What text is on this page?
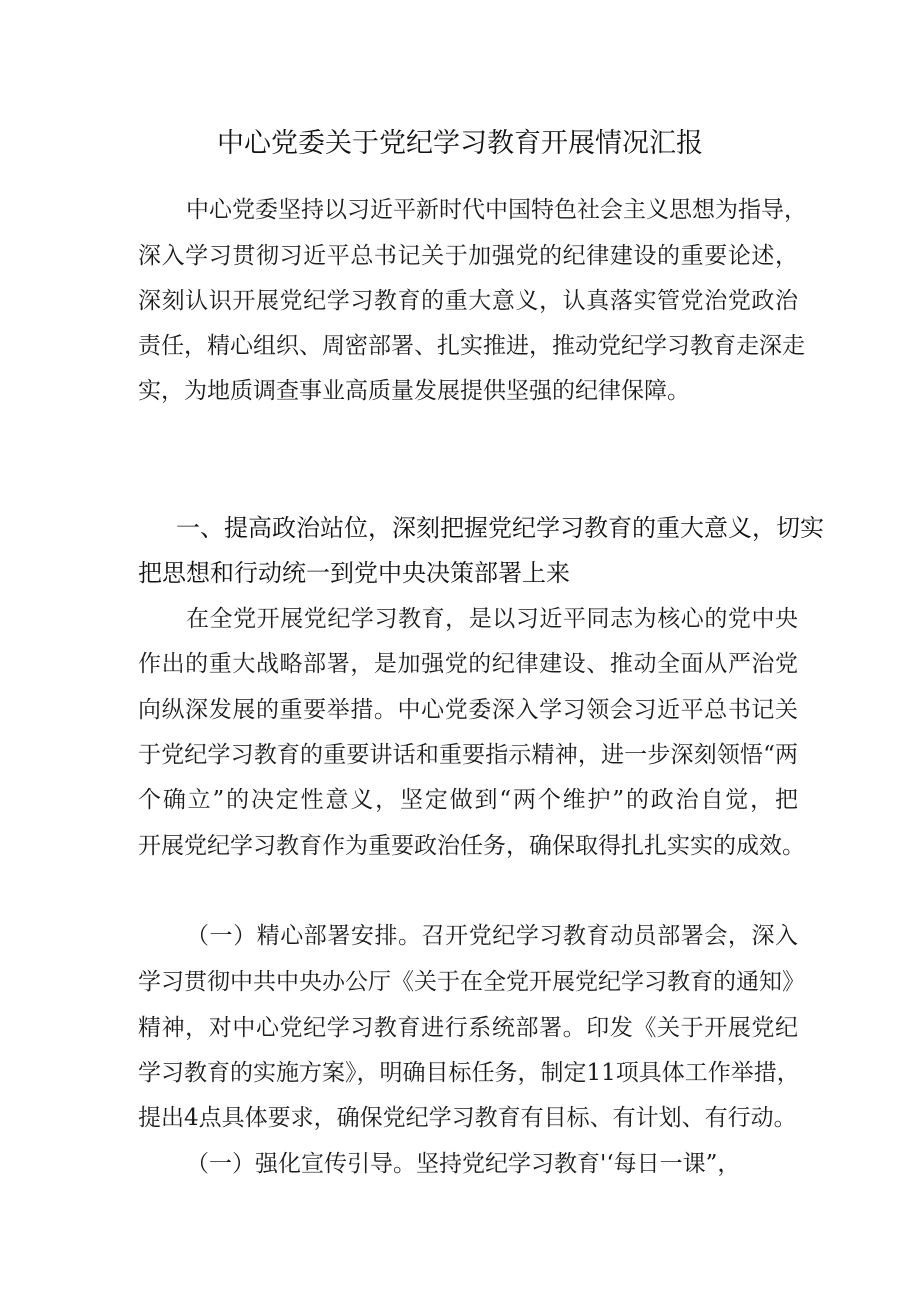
中心党委关于党纪学习教育开展情况汇报
中心党委坚持以习近平新时代中国特色社会主义思想为指导，
深入学习贯彻习近平总书记关于加强党的纪律建设的重要论述，
深刻认识开展党纪学习教育的重大意义，认真落实管党治党政治
责任，精心组织、周密部署、扎实推进，推动党纪学习教育走深走
实，为地质调查事业高质量发展提供坚强的纪律保障。
一、提高政治站位，深刻把握党纪学习教育的重大意义，切实
把思想和行动统一到党中央决策部署上来
在全党开展党纪学习教育，是以习近平同志为核心的党中央
作出的重大战略部署，是加强党的纪律建设、推动全面从严治党
向纵深发展的重要举措。中心党委深入学习领会习近平总书记关
于党纪学习教育的重要讲话和重要指示精神，进一步深刻领悟“两
个确立”的决定性意义，坚定做到“两个维护”的政治自觉，把
开展党纪学习教育作为重要政治任务，确保取得扎扎实实的成效。
（一）精心部署安排。召开党纪学习教育动员部署会，深入
学习贯彻中共中央办公厅《关于在全党开展党纪学习教育的通知》
精神，对中心党纪学习教育进行系统部署。印发《关于开展党纪
学习教育的实施方案》，明确目标任务，制定11项具体工作举措，
提出4点具体要求，确保党纪学习教育有目标、有计划、有行动。
（一）强化宣传引导。坚持党纪学习教育'‘每日一课”，
